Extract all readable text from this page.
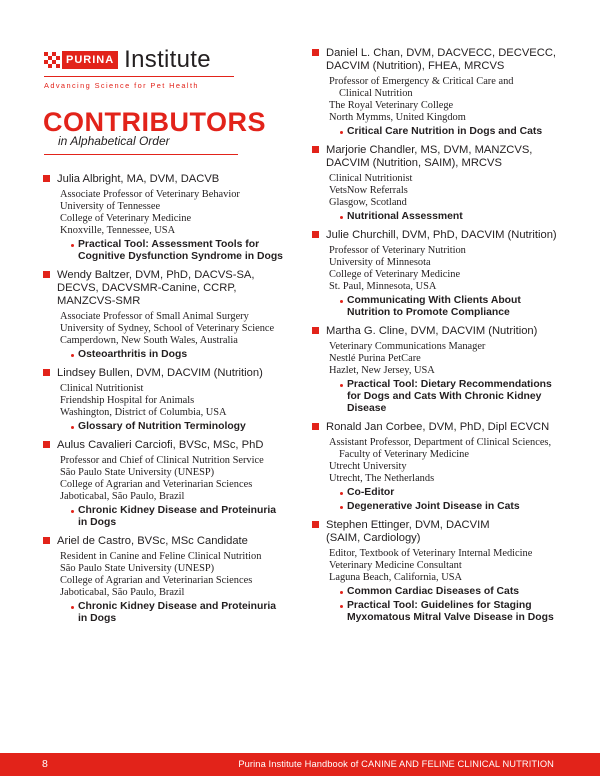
PURINA Institute
Advancing Science for Pet Health
CONTRIBUTORS
in Alphabetical Order
Julia Albright, MA, DVM, DACVB
Associate Professor of Veterinary Behavior
University of Tennessee
College of Veterinary Medicine
Knoxville, Tennessee, USA
Practical Tool: Assessment Tools for
Cognitive Dysfunction Syndrome in Dogs
Wendy Baltzer, DVM, PhD, DACVS-SA,
DECVS, DACVSMR-Canine, CCRP,
MANZCVS-SMR
Associate Professor of Small Animal Surgery
University of Sydney, School of Veterinary Science
Camperdown, New South Wales, Australia
Osteoarthritis in Dogs
Lindsey Bullen, DVM, DACVIM (Nutrition)
Clinical Nutritionist
Friendship Hospital for Animals
Washington, District of Columbia, USA
Glossary of Nutrition Terminology
Aulus Cavalieri Carciofi, BVSc, MSc, PhD
Professor and Chief of Clinical Nutrition Service
São Paulo State University (UNESP)
College of Agrarian and Veterinarian Sciences
Jaboticabal, São Paulo, Brazil
Chronic Kidney Disease and Proteinuria
in Dogs
Ariel de Castro, BVSc, MSc Candidate
Resident in Canine and Feline Clinical Nutrition
São Paulo State University (UNESP)
College of Agrarian and Veterinarian Sciences
Jaboticabal, São Paulo, Brazil
Chronic Kidney Disease and Proteinuria
in Dogs
Daniel L. Chan, DVM, DACVECC, DECVECC,
DACVIM (Nutrition), FHEA, MRCVS
Professor of Emergency & Critical Care and
Clinical Nutrition
The Royal Veterinary College
North Mymms, United Kingdom
Critical Care Nutrition in Dogs and Cats
Marjorie Chandler, MS, DVM, MANZCVS,
DACVIM (Nutrition, SAIM), MRCVS
Clinical Nutritionist
VetsNow Referrals
Glasgow, Scotland
Nutritional Assessment
Julie Churchill, DVM, PhD, DACVIM (Nutrition)
Professor of Veterinary Nutrition
University of Minnesota
College of Veterinary Medicine
St. Paul, Minnesota, USA
Communicating With Clients About
Nutrition to Promote Compliance
Martha G. Cline, DVM, DACVIM (Nutrition)
Veterinary Communications Manager
Nestlé Purina PetCare
Hazlet, New Jersey, USA
Practical Tool: Dietary Recommendations
for Dogs and Cats With Chronic Kidney
Disease
Ronald Jan Corbee, DVM, PhD, Dipl ECVCN
Assistant Professor, Department of Clinical Sciences,
Faculty of Veterinary Medicine
Utrecht University
Utrecht, The Netherlands
Co-Editor
Degenerative Joint Disease in Cats
Stephen Ettinger, DVM, DACVIM
(SAIM, Cardiology)
Editor, Textbook of Veterinary Internal Medicine
Veterinary Medicine Consultant
Laguna Beach, California, USA
Common Cardiac Diseases of Cats
Practical Tool: Guidelines for Staging
Myxomatous Mitral Valve Disease in Dogs
8	Purina Institute Handbook of CANINE AND FELINE CLINICAL NUTRITION
